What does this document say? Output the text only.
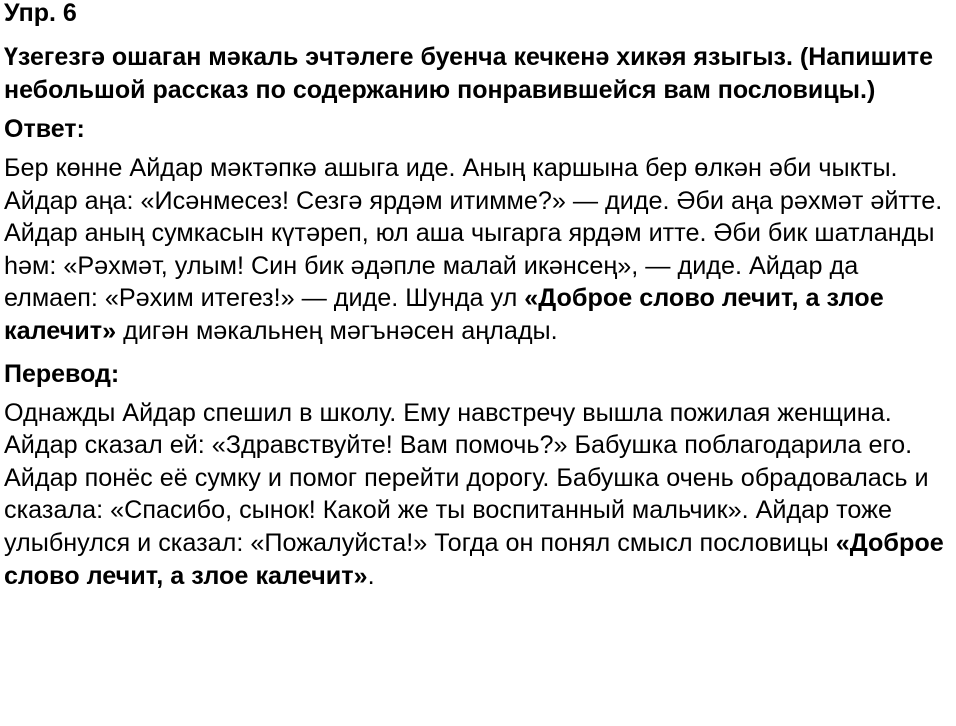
Упр. 6
Үзегезгә ошаган мәкаль эчтәлеге буенча кечкенә хикәя языгыз. (Напишите небольшой рассказ по содержанию понравившейся вам пословицы.)
Ответ:
Бер көнне Айдар мәктәпкә ашыга иде. Аның каршына бер өлкән әби чыкты. Айдар аңа: «Исәнмесез! Сезгә ярдәм итимме?» — диде. Әби аңа рәхмәт әйтте. Айдар аның сумкасын күтәреп, юл аша чыгарга ярдәм итте. Әби бик шатланды һәм: «Рәхмәт, улым! Син бик әдәпле малай икәнсең», — диде. Айдар да елмаеп: «Рәхим итегез!» — диде. Шунда ул «Доброе слово лечит, а злое калечит» дигән мәкальнең мәгънәсен аңлады.
Перевод:
Однажды Айдар спешил в школу. Ему навстречу вышла пожилая женщина. Айдар сказал ей: «Здравствуйте! Вам помочь?» Бабушка поблагодарила его. Айдар понёс её сумку и помог перейти дорогу. Бабушка очень обрадовалась и сказала: «Спасибо, сынок! Какой же ты воспитанный мальчик». Айдар тоже улыбнулся и сказал: «Пожалуйста!» Тогда он понял смысл пословицы «Доброе слово лечит, а злое калечит».
